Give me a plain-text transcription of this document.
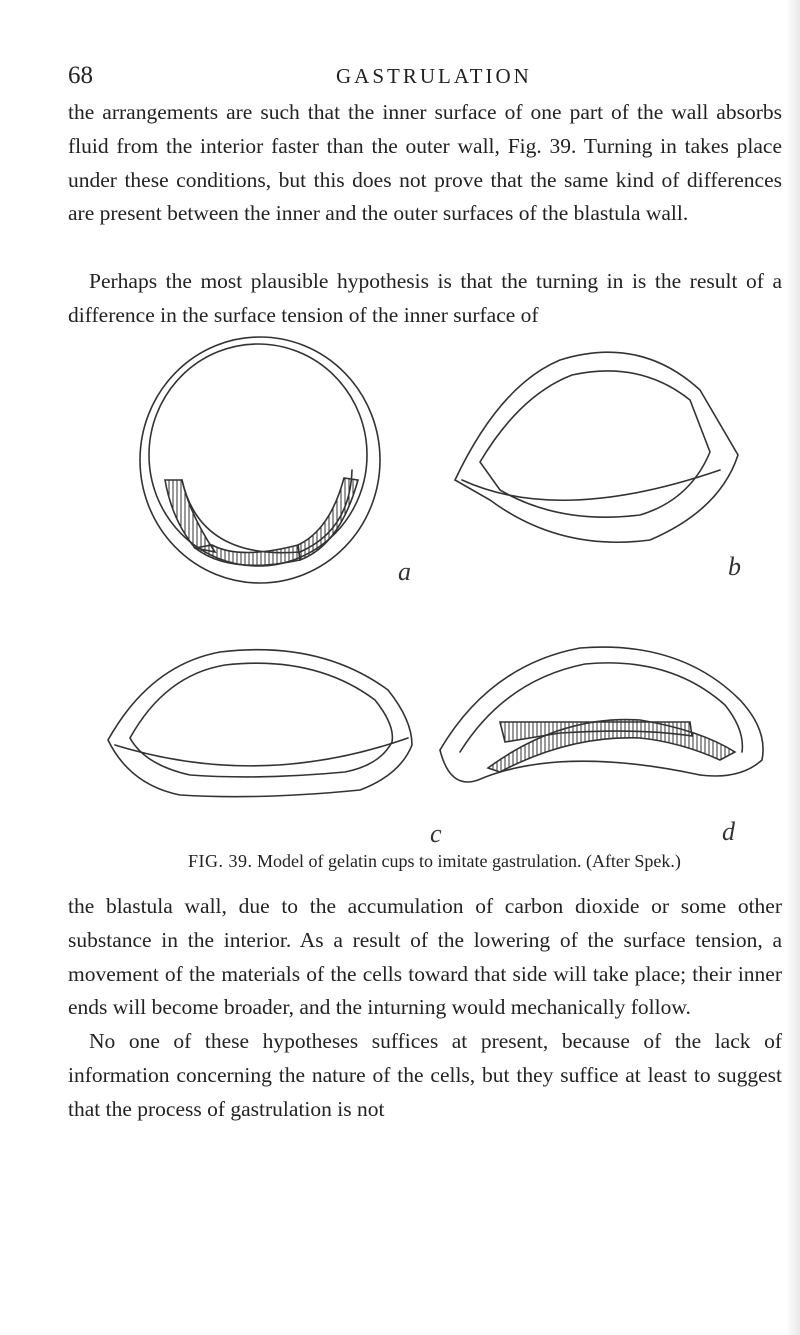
68	GASTRULATION

the arrangements are such that the inner surface of one part of the wall absorbs fluid from the interior faster than the outer wall, Fig. 39. Turning in takes place under these conditions, but this does not prove that the same kind of differences are present between the inner and the outer surfaces of the blastula wall.

Perhaps the most plausible hypothesis is that the turning in is the result of a difference in the surface tension of the inner surface of

a	b
c	d
FIG. 39. Model of gelatin cups to imitate gastrulation. (After Spek.)

the blastula wall, due to the accumulation of carbon dioxide or some other substance in the interior. As a result of the lowering of the surface tension, a movement of the materials of the cells toward that side will take place; their inner ends will become broader, and the inturning would mechanically follow.

No one of these hypotheses suffices at present, because of the lack of information concerning the nature of the cells, but they suffice at least to suggest that the process of gastrulation is not
